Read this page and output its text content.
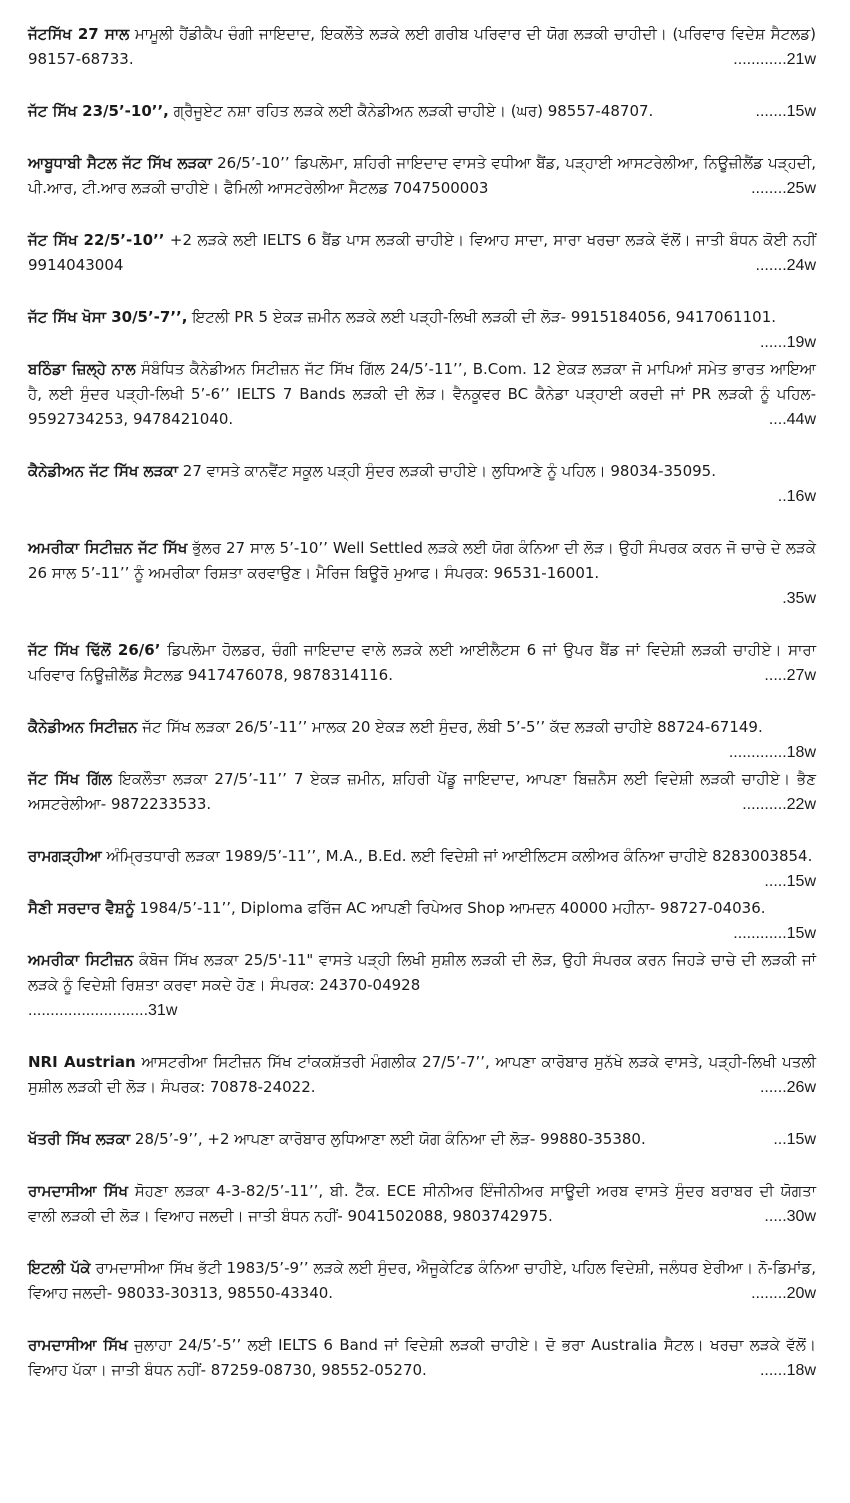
ਜੱਟਸਿੱਖ 27 ਸਾਲ ਮਾਮੂਲੀ ਹੈਂਡੀਕੈਪ ਚੰਗੀ ਜਾਇਦਾਦ, ਇਕਲੌਤੇ ਲੜਕੇ ਲਈ ਗਰੀਬ ਪਰਿਵਾਰ ਦੀ ਯੋਗ ਲੜਕੀ ਚਾਹੀਦੀ। (ਪਰਿਵਾਰ ਵਿਦੇਸ਼ ਸੈਟਲਡ) 98157-68733.	............21w
ਜੱਟ ਸਿੱਖ 23/5’-10’’, ਗ੍ਰੈਜੂਏਟ ਨਸ਼ਾ ਰਹਿਤ ਲੜਕੇ ਲਈ ਕੈਨੇਡੀਅਨ ਲੜਕੀ ਚਾਹੀਏ। (ਘਰ) 98557-48707.	.......15w
ਆਬੂਧਾਬੀ ਸੈਟਲ ਜੱਟ ਸਿੱਖ ਲੜਕਾ 26/5’-10’’ ਡਿਪਲੋਮਾ, ਸ਼ਹਿਰੀ ਜਾਇਦਾਦ ਵਾਸਤੇ ਵਧੀਆ ਬੈਂਡ, ਪੜ੍ਹਾਈ ਆਸਟਰੇਲੀਆ, ਨਿਊਜ਼ੀਲੈਂਡ ਪੜ੍ਹਦੀ, ਪੀ.ਆਰ, ਟੀ.ਆਰ ਲੜਕੀ ਚਾਹੀਏ। ਫੈਮਿਲੀ ਆਸਟਰੇਲੀਆ ਸੈਟਲਡ 7047500003	........25w
ਜੱਟ ਸਿੱਖ 22/5’-10’’ +2 ਲੜਕੇ ਲਈ IELTS 6 ਬੈਂਡ ਪਾਸ ਲੜਕੀ ਚਾਹੀਏ। ਵਿਆਹ ਸਾਦਾ, ਸਾਰਾ ਖਰਚਾ ਲੜਕੇ ਵੱਲੋਂ। ਜਾਤੀ ਬੰਧਨ ਕੋਈ ਨਹੀਂ 9914043004	.......24w
ਜੱਟ ਸਿੱਖ ਖੋਸਾ 30/5’-7’’, ਇਟਲੀ PR 5 ਏਕੜ ਜ਼ਮੀਨ ਲੜਕੇ ਲਈ ਪੜ੍ਹੀ-ਲਿਖੀ ਲੜਕੀ ਦੀ ਲੋੜ- 9915184056, 9417061101.
......19w
ਬਠਿੰਡਾ ਜ਼ਿਲ੍ਹੇ ਨਾਲ ਸੰਬੰਧਿਤ ਕੈਨੇਡੀਅਨ ਸਿਟੀਜ਼ਨ ਜੱਟ ਸਿੱਖ ਗਿੱਲ 24/5’-11’’, B.Com. 12 ਏਕੜ ਲੜਕਾ ਜੋ ਮਾਪਿਆਂ ਸਮੇਤ ਭਾਰਤ ਆਇਆ ਹੈ, ਲਈ ਸੁੰਦਰ ਪੜ੍ਹੀ-ਲਿਖੀ 5’-6’’ IELTS 7 Bands ਲੜਕੀ ਦੀ ਲੋੜ। ਵੈਨਕੂਵਰ BC ਕੈਨੇਡਾ ਪੜ੍ਹਾਈ ਕਰਦੀ ਜਾਂ PR ਲੜਕੀ ਨੂੰ ਪਹਿਲ- 9592734253, 9478421040.	....44w
ਕੈਨੇਡੀਅਨ ਜੱਟ ਸਿੱਖ ਲੜਕਾ 27 ਵਾਸਤੇ ਕਾਨਵੈਂਟ ਸਕੂਲ ਪੜ੍ਹੀ ਸੁੰਦਰ ਲੜਕੀ ਚਾਹੀਏ। ਲੁਧਿਆਣੇ ਨੂੰ ਪਹਿਲ। 98034-35095.
..16w
ਅਮਰੀਕਾ ਸਿਟੀਜ਼ਨ ਜੱਟ ਸਿੱਖ ਭੁੱਲਰ 27 ਸਾਲ 5’-10’’ Well Settled ਲੜਕੇ ਲਈ ਯੋਗ ਕੰਨਿਆ ਦੀ ਲੋੜ। ਉਹੀ ਸੰਪਰਕ ਕਰਨ ਜੋ ਚਾਚੇ ਦੇ ਲੜਕੇ 26 ਸਾਲ 5’-11’’ ਨੂੰ ਅਮਰੀਕਾ ਰਿਸ਼ਤਾ ਕਰਵਾਉਣ। ਮੈਰਿਜ ਬਿਊਰੋ ਮੁਆਫ। ਸੰਪਰਕ: 96531-16001.
.35w
ਜੱਟ ਸਿੱਖ ਢਿੱਲੋਂ 26/6’ ਡਿਪਲੋਮਾ ਹੋਲਡਰ, ਚੰਗੀ ਜਾਇਦਾਦ ਵਾਲੇ ਲੜਕੇ ਲਈ ਆਈਲੈਟਸ 6 ਜਾਂ ਉਪਰ ਬੈਂਡ ਜਾਂ ਵਿਦੇਸ਼ੀ ਲੜਕੀ ਚਾਹੀਏ। ਸਾਰਾ ਪਰਿਵਾਰ ਨਿਊਜ਼ੀਲੈਂਡ ਸੈਟਲਡ 9417476078, 9878314116.	.....27w
ਕੈਨੇਡੀਅਨ ਸਿਟੀਜ਼ਨ ਜੱਟ ਸਿੱਖ ਲੜਕਾ 26/5’-11’’ ਮਾਲਕ 20 ਏਕੜ ਲਈ ਸੁੰਦਰ, ਲੰਬੀ 5’-5’’ ਕੱਦ ਲੜਕੀ ਚਾਹੀਏ 88724-67149.
.............18w
ਜੱਟ ਸਿੱਖ ਗਿੱਲ ਇਕਲੌਤਾ ਲੜਕਾ 27/5’-11’’ 7 ਏਕੜ ਜ਼ਮੀਨ, ਸ਼ਹਿਰੀ ਪੇਂਡੂ ਜਾਇਦਾਦ, ਆਪਣਾ ਬਿਜ਼ਨੈਸ ਲਈ ਵਿਦੇਸ਼ੀ ਲੜਕੀ ਚਾਹੀਏ। ਭੈਣ ਅਸਟਰੇਲੀਆ- 9872233533.	..........22w
ਰਾਮਗੜ੍ਹੀਆ ਅੰਮ੍ਰਿਤਧਾਰੀ ਲੜਕਾ 1989/5’-11’’, M.A., B.Ed. ਲਈ ਵਿਦੇਸ਼ੀ ਜਾਂ ਆਈਲਿਟਸ ਕਲੀਅਰ ਕੰਨਿਆ ਚਾਹੀਏ 8283003854.
.....15w
ਸੈਣੀ ਸਰਦਾਰ ਵੈਸ਼ਨੂੰ 1984/5’-11’’, Diploma ਫਰਿੱਜ AC ਆਪਣੀ ਰਿਪੇਅਰ Shop ਆਮਦਨ 40000 ਮਹੀਨਾ- 98727-04036.
............15w
ਅਮਰੀਕਾ ਸਿਟੀਜ਼ਨ ਕੰਬੋਜ ਸਿੱਖ ਲੜਕਾ 25/5'-11" ਵਾਸਤੇ ਪੜ੍ਹੀ ਲਿਖੀ ਸੁਸ਼ੀਲ ਲੜਕੀ ਦੀ ਲੋੜ, ਉਹੀ ਸੰਪਰਕ ਕਰਨ ਜਿਹੜੇ ਚਾਚੇ ਦੀ ਲੜਕੀ ਜਾਂ ਲੜਕੇ ਨੂੰ ਵਿਦੇਸ਼ੀ ਰਿਸ਼ਤਾ ਕਰਵਾ ਸਕਦੇ ਹੋਣ। ਸੰਪਰਕ: 24370-04928
...........................31w
NRI Austrian ਆਸਟਰੀਆ ਸਿਟੀਜ਼ਨ ਸਿੱਖ ਟਾਂਕਕਸ਼ੱਤਰੀ ਮੰਗਲੀਕ 27/5’-7’’, ਆਪਣਾ ਕਾਰੋਬਾਰ ਸੁਨੱਖੇ ਲੜਕੇ ਵਾਸਤੇ, ਪੜ੍ਹੀ-ਲਿਖੀ ਪਤਲੀ ਸੁਸ਼ੀਲ ਲੜਕੀ ਦੀ ਲੋੜ। ਸੰਪਰਕ: 70878-24022.	......26w
ਖੱਤਰੀ ਸਿੱਖ ਲੜਕਾ 28/5’-9’’, +2 ਆਪਣਾ ਕਾਰੋਬਾਰ ਲੁਧਿਆਣਾ ਲਈ ਯੋਗ ਕੰਨਿਆ ਦੀ ਲੋੜ- 99880-35380.	...15w
ਰਾਮਦਾਸੀਆ ਸਿੱਖ ਸੋਹਣਾ ਲੜਕਾ 4-3-82/5’-11’’, ਬੀ. ਟੈੱਕ. ECE ਸੀਨੀਅਰ ਇੰਜੀਨੀਅਰ ਸਾਊਦੀ ਅਰਬ ਵਾਸਤੇ ਸੁੰਦਰ ਬਰਾਬਰ ਦੀ ਯੋਗਤਾ ਵਾਲੀ ਲੜਕੀ ਦੀ ਲੋੜ। ਵਿਆਹ ਜਲਦੀ। ਜਾਤੀ ਬੰਧਨ ਨਹੀਂ- 9041502088, 9803742975.	.....30w
ਇਟਲੀ ਪੱਕੇ ਰਾਮਦਾਸੀਆ ਸਿੱਖ ਭੱਟੀ 1983/5’-9’’ ਲੜਕੇ ਲਈ ਸੁੰਦਰ, ਐਜੂਕੇਟਿਡ ਕੰਨਿਆ ਚਾਹੀਏ, ਪਹਿਲ ਵਿਦੇਸ਼ੀ, ਜਲੰਧਰ ਏਰੀਆ। ਨੋ-ਡਿਮਾਂਡ, ਵਿਆਹ ਜਲਦੀ- 98033-30313, 98550-43340.	........20w
ਰਾਮਦਾਸੀਆ ਸਿੱਖ ਜੁਲਾਹਾ 24/5’-5’’ ਲਈ IELTS 6 Band ਜਾਂ ਵਿਦੇਸ਼ੀ ਲੜਕੀ ਚਾਹੀਏ। ਦੋ ਭਰਾ Australia ਸੈਟਲ। ਖਰਚਾ ਲੜਕੇ ਵੱਲੋਂ। ਵਿਆਹ ਪੱਕਾ। ਜਾਤੀ ਬੰਧਨ ਨਹੀਂ- 87259-08730, 98552-05270.	......18w
